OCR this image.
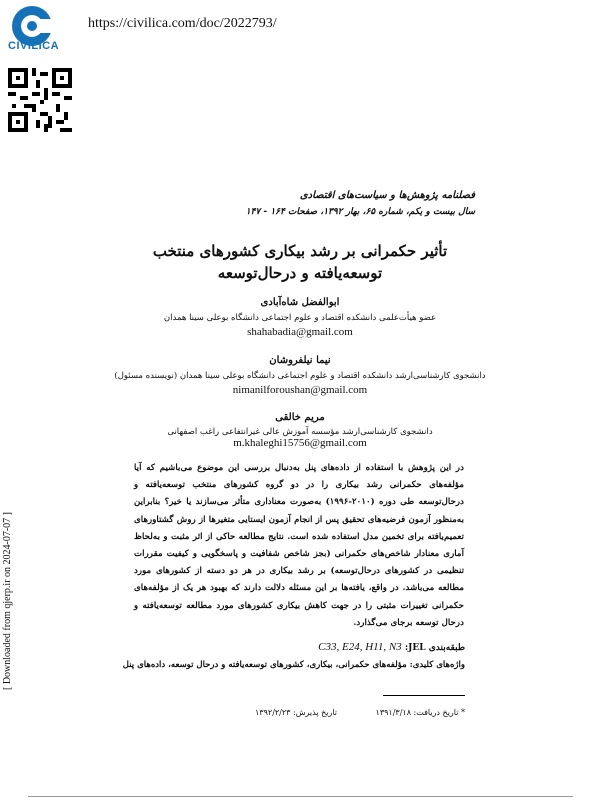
CIVILICA
https://civilica.com/doc/2022793/
فصلنامه پژوهش‌ها و سیاست‌های اقتصادی
سال بیست و یکم، شماره ۶۵، بهار ۱۳۹۲، صفحات ۱۶۴ - ۱۴۷
تأثیر حکمرانی بر رشد بیکاری کشورهای منتخب
توسعه‌یافته و درحال‌توسعه
ابوالفضل شاه‌آبادی
عضو هیأت‌علمی دانشکده اقتصاد و علوم اجتماعی دانشگاه بوعلی سینا همدان
shahabadia@gmail.com
نیما نیلفروشان
دانشجوی کارشناسی‌ارشد دانشکده اقتصاد و علوم اجتماعی دانشگاه بوعلی سینا همدان (نویسنده مسئول)
nimanilforoushan@gmail.com
مریم خالقی
دانشجوی کارشناسی‌ارشد مؤسسه آموزش عالی غیرانتفاعی راغب اصفهانی
m.khaleghi15756@gmail.com
در این پژوهش با استفاده از داده‌های پنل به‌دنبال بررسی این موضوع می‌باشیم که آیا مؤلفه‌های حکمرانی رشد بیکاری را در دو گروه کشورهای منتخب توسعه‌یافته و درحال‌توسعه طی دوره (۲۰۱۰-۱۹۹۶) به‌صورت معناداری متأثر می‌سازند یا خیر؟ بنابراین به‌منظور آزمون فرضیه‌های تحقیق پس از انجام آزمون ایستایی متغیرها از روش گشتاورهای تعمیم‌یافته برای تخمین مدل استفاده شده است. نتایج مطالعه حاکی از اثر مثبت و به‌لحاظ آماری معنادار شاخص‌های حکمرانی (بجز شاخص شفافیت و پاسخگویی و کیفیت مقررات تنظیمی در کشورهای درحال‌توسعه) بر رشد بیکاری در هر دو دسته از کشورهای مورد مطالعه می‌باشد. در واقع، یافته‌ها بر این مسئله دلالت دارند که بهبود هر یک از مؤلفه‌های حکمرانی تغییرات مثبتی را در جهت کاهش بیکاری کشورهای مورد مطالعه توسعه‌یافته و درحال توسعه برجای می‌گذارد.
طبقه‌بندی JEL: C33, E24, H11, N3
واژه‌های کلیدی: مؤلفه‌های حکمرانی، بیکاری، کشورهای توسعه‌یافته و درحال توسعه، داده‌های پنل
* تاریخ دریافت: ۱۳۹۱/۳/۱۸
تاریخ پذیرش: ۱۳۹۲/۲/۲۳
[ Downloaded from qjerp.ir on 2024-07-07 ]
